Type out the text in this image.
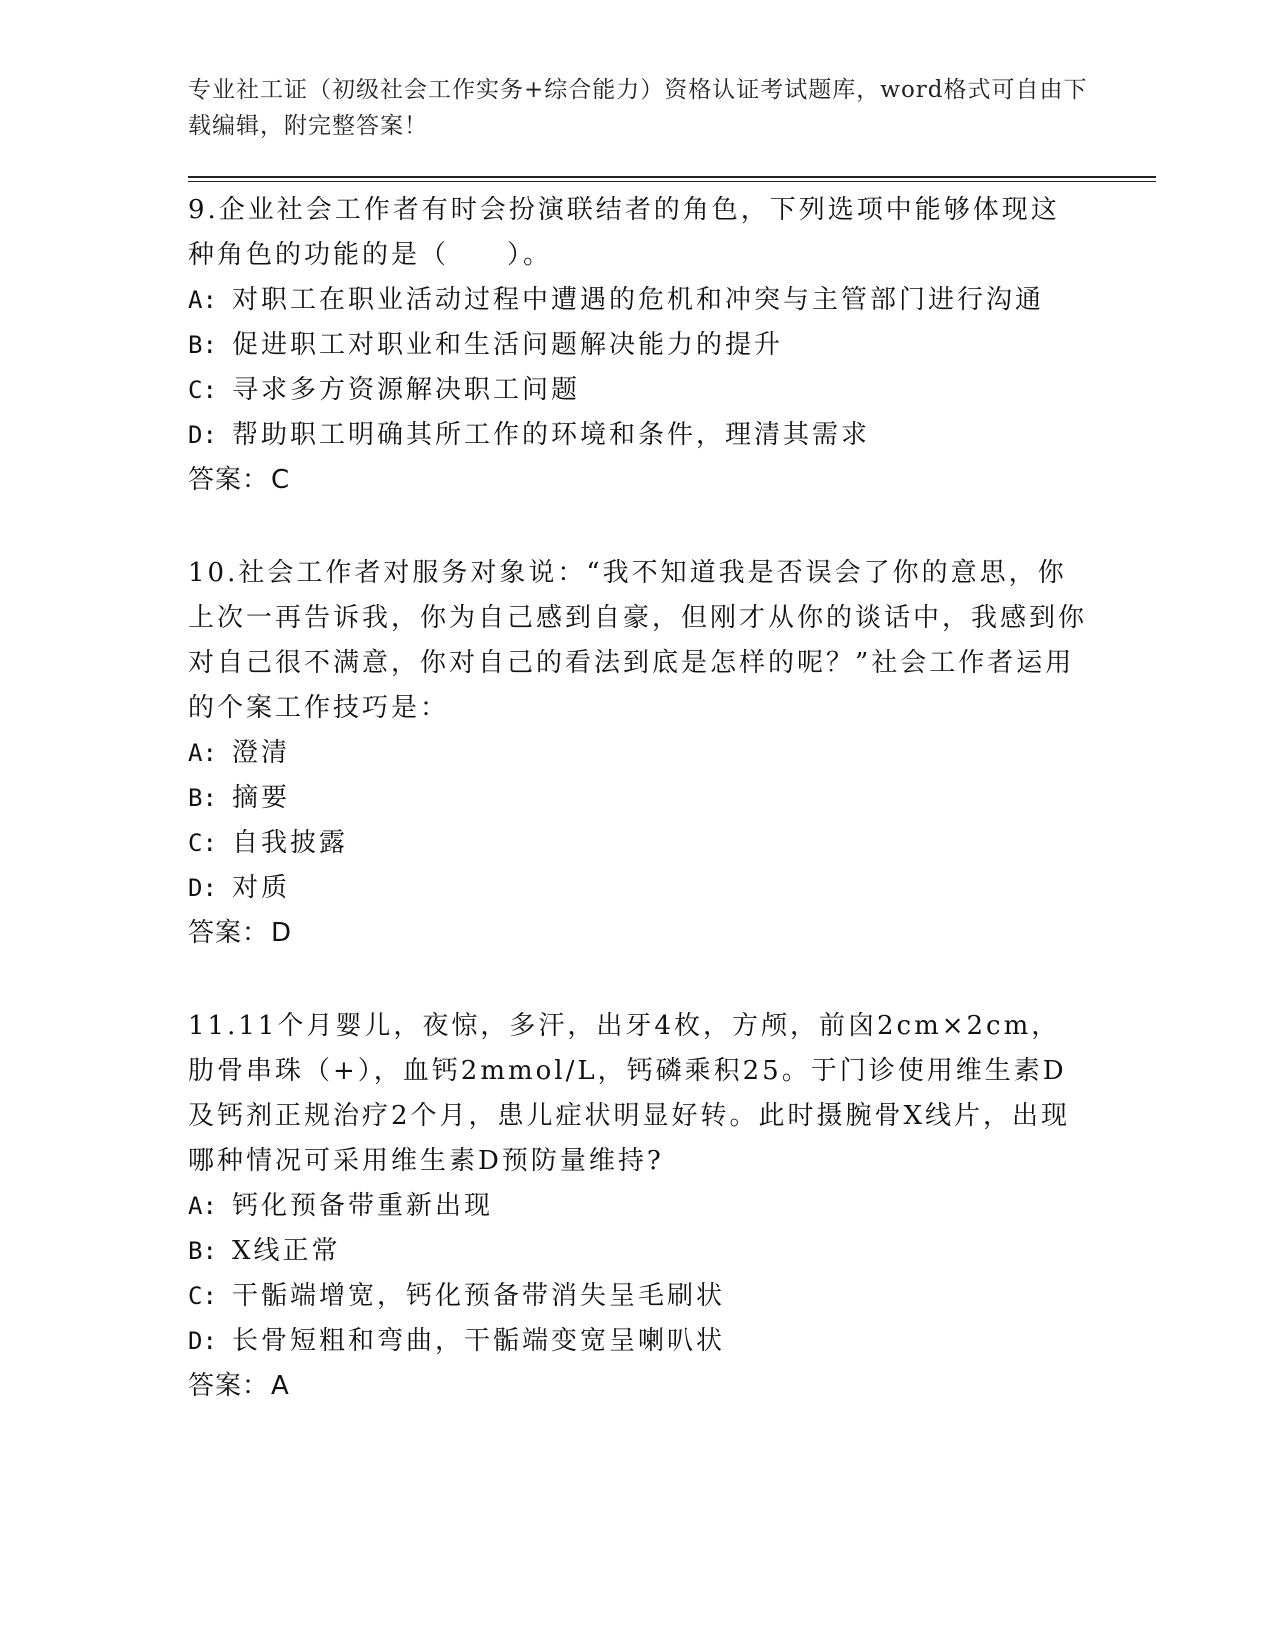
专业社工证（初级社会工作实务+综合能力）资格认证考试题库，word格式可自由下载编辑，附完整答案！

9.企业社会工作者有时会扮演联结者的角色，下列选项中能够体现这种角色的功能的是（　　）。

A: 对职工在职业活动过程中遭遇的危机和冲突与主管部门进行沟通
B: 促进职工对职业和生活问题解决能力的提升
C: 寻求多方资源解决职工问题
D: 帮助职工明确其所工作的环境和条件，理清其需求
答案：C

10.社会工作者对服务对象说：“我不知道我是否误会了你的意思，你上次一再告诉我，你为自己感到自豪，但刚才从你的谈话中，我感到你对自己很不满意，你对自己的看法到底是怎样的呢？”社会工作者运用的个案工作技巧是：

A: 澄清
B: 摘要
C: 自我披露
D: 对质
答案：D

11.11个月婴儿，夜惊，多汗，出牙4枚，方颅，前囟2cm×2cm，肋骨串珠（+），血钙2mmol/L，钙磷乘积25。于门诊使用维生素D及钙剂正规治疗2个月，患儿症状明显好转。此时摄腕骨X线片，出现哪种情况可采用维生素D预防量维持?

A: 钙化预备带重新出现
B: X线正常
C: 干骺端增宽，钙化预备带消失呈毛刷状
D: 长骨短粗和弯曲，干骺端变宽呈喇叭状
答案：A
